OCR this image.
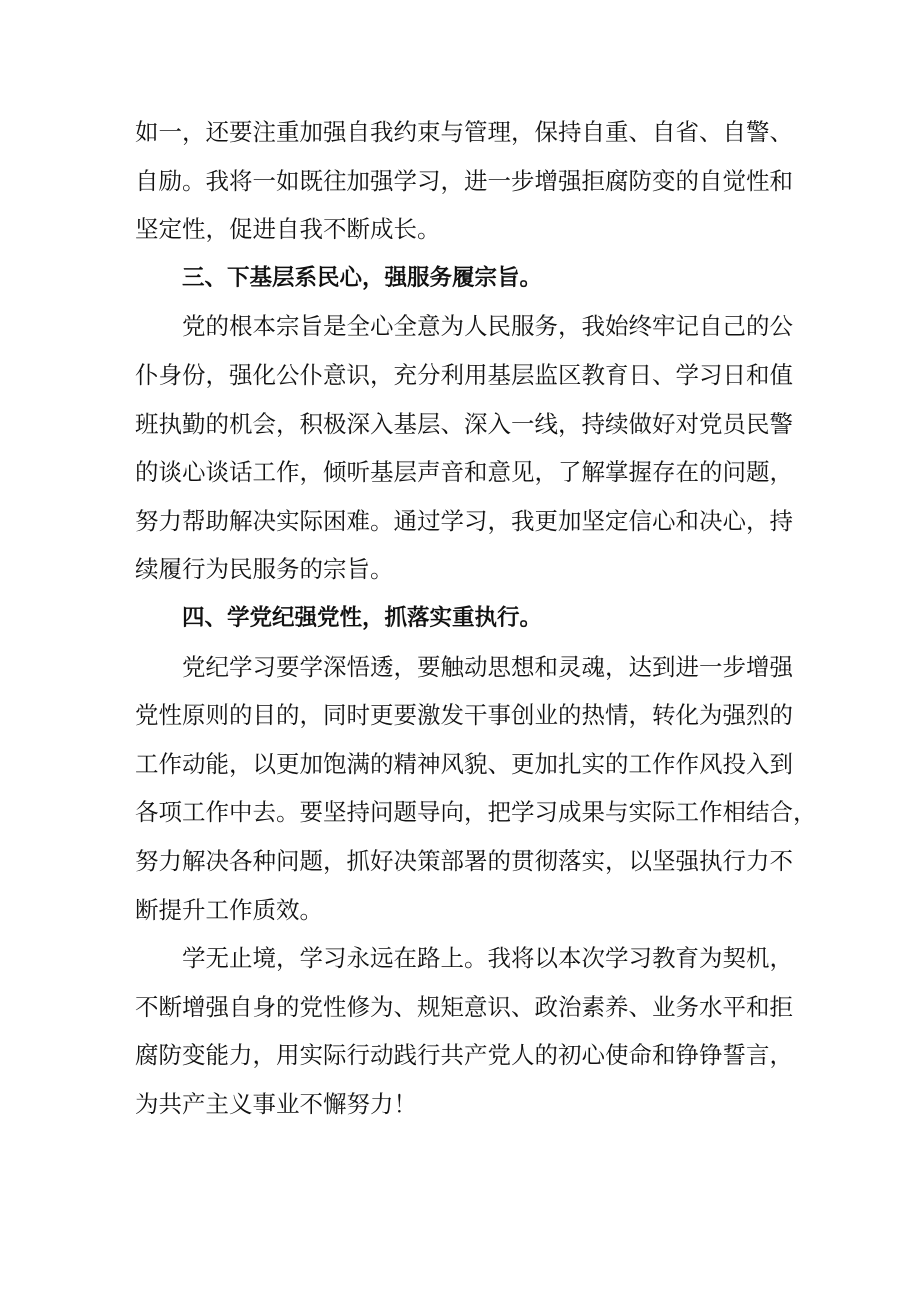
如一，还要注重加强自我约束与管理，保持自重、自省、自警、
自励。我将一如既往加强学习，进一步增强拒腐防变的自觉性和
坚定性，促进自我不断成长。
三、下基层系民心，强服务履宗旨。
党的根本宗旨是全心全意为人民服务，我始终牢记自己的公
仆身份，强化公仆意识，充分利用基层监区教育日、学习日和值
班执勤的机会，积极深入基层、深入一线，持续做好对党员民警
的谈心谈话工作，倾听基层声音和意见，了解掌握存在的问题，
努力帮助解决实际困难。通过学习，我更加坚定信心和决心，持
续履行为民服务的宗旨。
四、学党纪强党性，抓落实重执行。
党纪学习要学深悟透，要触动思想和灵魂，达到进一步增强
党性原则的目的，同时更要激发干事创业的热情，转化为强烈的
工作动能，以更加饱满的精神风貌、更加扎实的工作作风投入到
各项工作中去。要坚持问题导向，把学习成果与实际工作相结合，
努力解决各种问题，抓好决策部署的贯彻落实，以坚强执行力不
断提升工作质效。
学无止境，学习永远在路上。我将以本次学习教育为契机，
不断增强自身的党性修为、规矩意识、政治素养、业务水平和拒
腐防变能力，用实际行动践行共产党人的初心使命和铮铮誓言，
为共产主义事业不懈努力！
